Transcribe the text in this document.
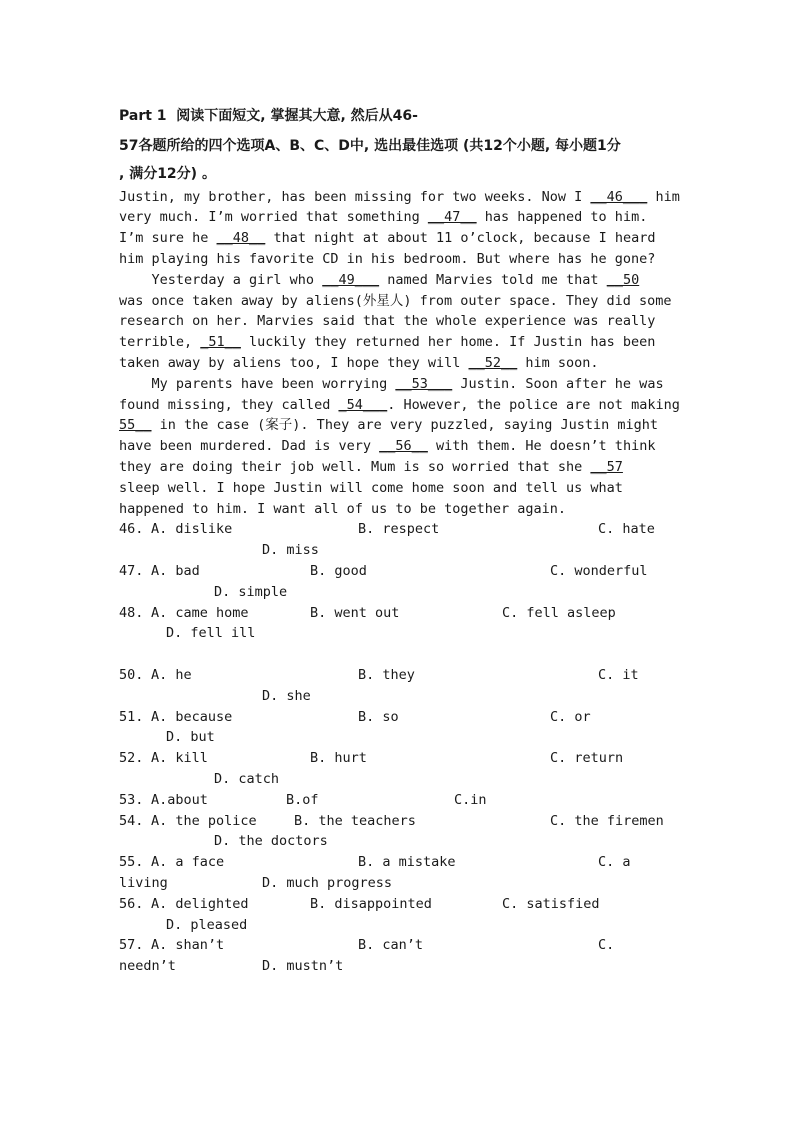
Part 1  阅读下面短文, 掌握其大意, 然后从46-
57各题所给的四个选项A、B、C、D中, 选出最佳选项 (共12个小题, 每小题1分
, 满分12分) 。
Justin, my brother, has been missing for two weeks. Now I __46___ him
very much. I’m worried that something __47__ has happened to him.
I’m sure he __48__ that night at about 11 o’clock, because I heard
him playing his favorite CD in his bedroom. But where has he gone?
Yesterday a girl who __49___ named Marvies told me that __50
was once taken away by aliens(外星人) from outer space. They did some
research on her. Marvies said that the whole experience was really
terrible, _51__ luckily they returned her home. If Justin has been
taken away by aliens too, I hope they will __52__ him soon.
My parents have been worrying __53___ Justin. Soon after he was
found missing, they called _54___. However, the police are not making
55__ in the case (案子). They are very puzzled, saying Justin might
have been murdered. Dad is very __56__ with them. He doesn’t think
they are doing their job well. Mum is so worried that she __57
sleep well. I hope Justin will come home soon and tell us what
happened to him. I want all of us to be together again.
46. A. dislike	B. respect	C. hate
D. miss
47. A. bad	B. good	C. wonderful
D. simple
48. A. came home	B. went out	C. fell asleep
D. fell ill
50. A. he	B. they	C. it
D. she
51. A. because	B. so	C. or
D. but
52. A. kill	B. hurt	C. return
D. catch
53. A.about	B.of	C.in
54. A. the police	B. the teachers	C. the firemen
D. the doctors
55. A. a face	B. a mistake	C. a
living	D. much progress
56. A. delighted	B. disappointed	C. satisfied
D. pleased
57. A. shan’t	B. can’t	C.
needn’t	D. mustn’t
